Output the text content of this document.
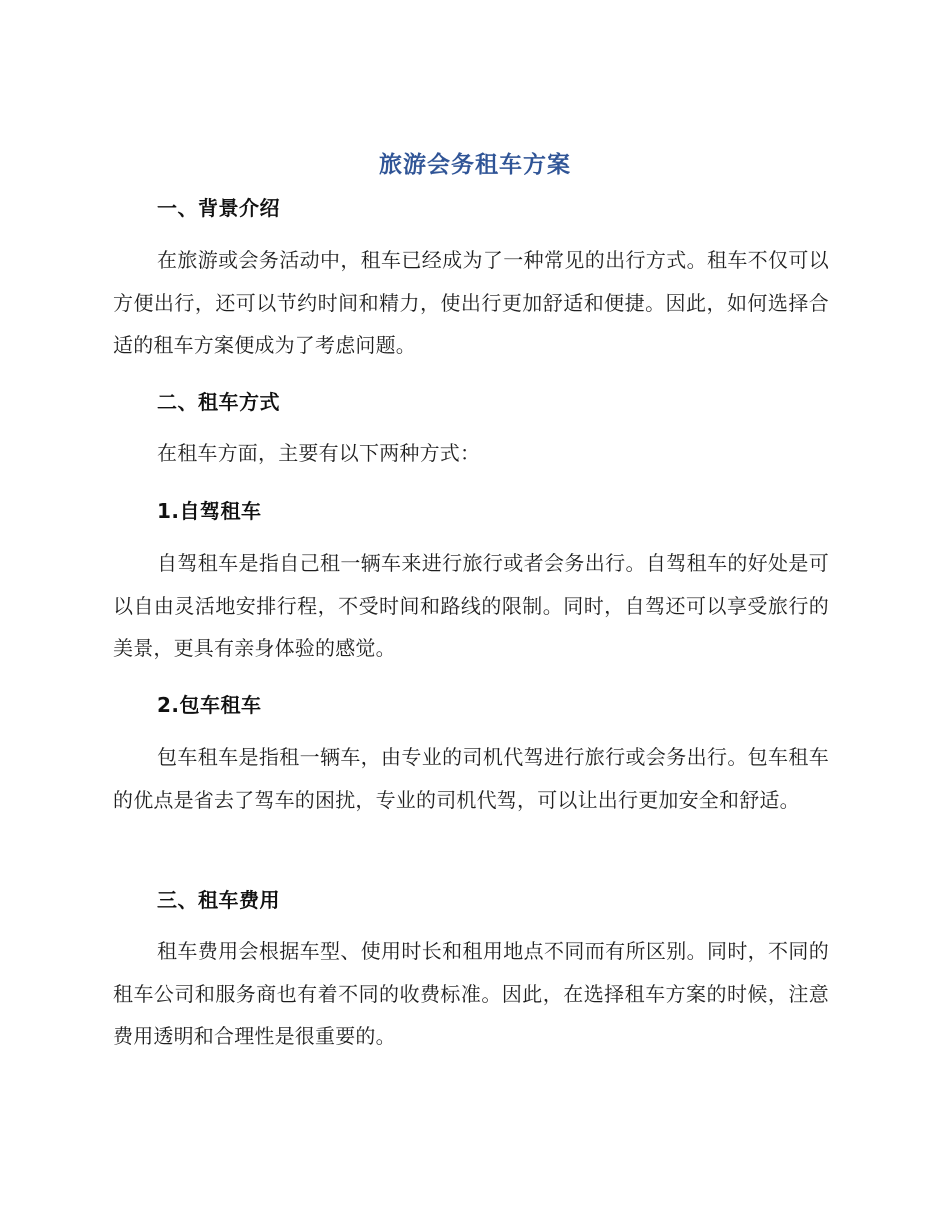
旅游会务租车方案
一、背景介绍
在旅游或会务活动中，租车已经成为了一种常见的出行方式。租车不仅可以方便出行，还可以节约时间和精力，使出行更加舒适和便捷。因此，如何选择合适的租车方案便成为了考虑问题。
二、租车方式
在租车方面，主要有以下两种方式：
1.自驾租车
自驾租车是指自己租一辆车来进行旅行或者会务出行。自驾租车的好处是可以自由灵活地安排行程，不受时间和路线的限制。同时，自驾还可以享受旅行的美景，更具有亲身体验的感觉。
2.包车租车
包车租车是指租一辆车，由专业的司机代驾进行旅行或会务出行。包车租车的优点是省去了驾车的困扰，专业的司机代驾，可以让出行更加安全和舒适。
三、租车费用
租车费用会根据车型、使用时长和租用地点不同而有所区别。同时，不同的租车公司和服务商也有着不同的收费标准。因此，在选择租车方案的时候，注意费用透明和合理性是很重要的。
